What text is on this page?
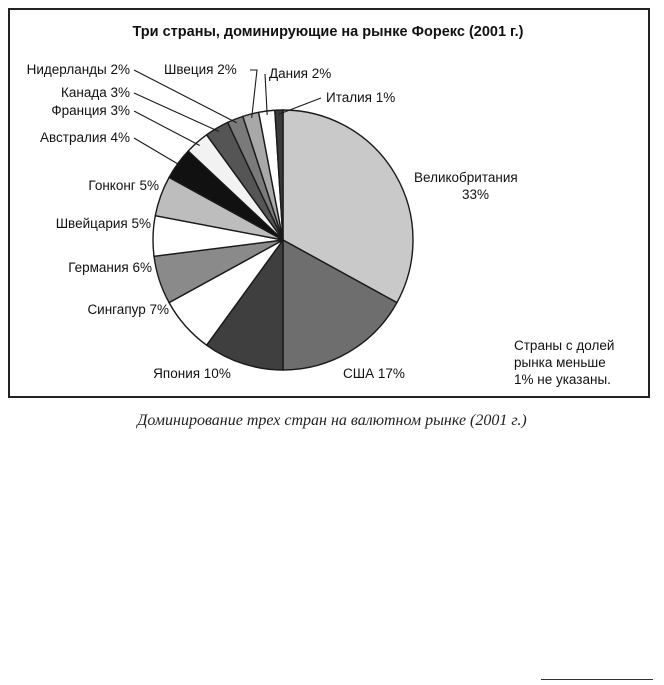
Три страны, доминирующие на рынке Форекс (2001 г.)
Великобритания
33%
США 17%
Япония 10%
Сингапур 7%
Германия 6%
Швейцария 5%
Гонконг 5%
Австралия 4%
Франция 3%
Канада 3%
Нидерланды 2%	Швеция 2% Дания 2%
Италия 1%
Страны с долей
рынка меньше
1% не указаны.
Доминирование трех стран на валютном рынке (2001 г.)
